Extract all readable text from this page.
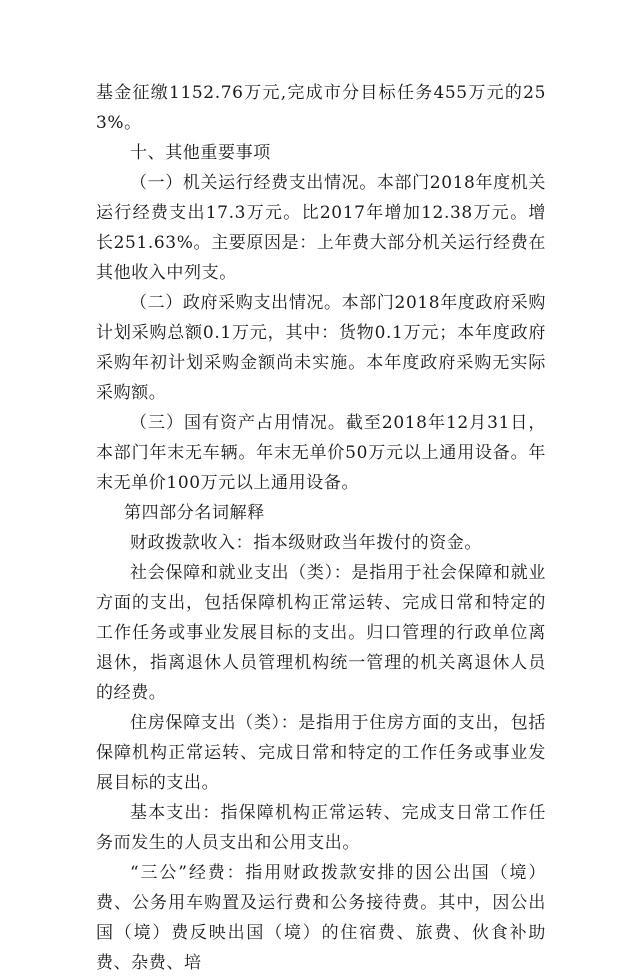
基金征缴1152.76万元,完成市分目标任务455万元的253%。

十、其他重要事项

（一）机关运行经费支出情况。本部门2018年度机关运行经费支出17.3万元。比2017年增加12.38万元。增长251.63%。主要原因是：上年费大部分机关运行经费在其他收入中列支。

（二）政府采购支出情况。本部门2018年度政府采购计划采购总额0.1万元，其中：货物0.1万元；本年度政府采购年初计划采购金额尚未实施。本年度政府采购无实际采购额。

（三）国有资产占用情况。截至2018年12月31日，本部门年末无车辆。年末无单价50万元以上通用设备。年末无单价100万元以上通用设备。

第四部分名词解释

财政拨款收入：指本级财政当年拨付的资金。

社会保障和就业支出（类）：是指用于社会保障和就业方面的支出，包括保障机构正常运转、完成日常和特定的工作任务或事业发展目标的支出。归口管理的行政单位离退休，指离退休人员管理机构统一管理的机关离退休人员的经费。

住房保障支出（类）：是指用于住房方面的支出，包括保障机构正常运转、完成日常和特定的工作任务或事业发展目标的支出。

基本支出：指保障机构正常运转、完成支日常工作任务而发生的人员支出和公用支出。

“三公”经费：指用财政拨款安排的因公出国（境）费、公务用车购置及运行费和公务接待费。其中，因公出国（境）费反映出国（境）的住宿费、旅费、伙食补助费、杂费、培
